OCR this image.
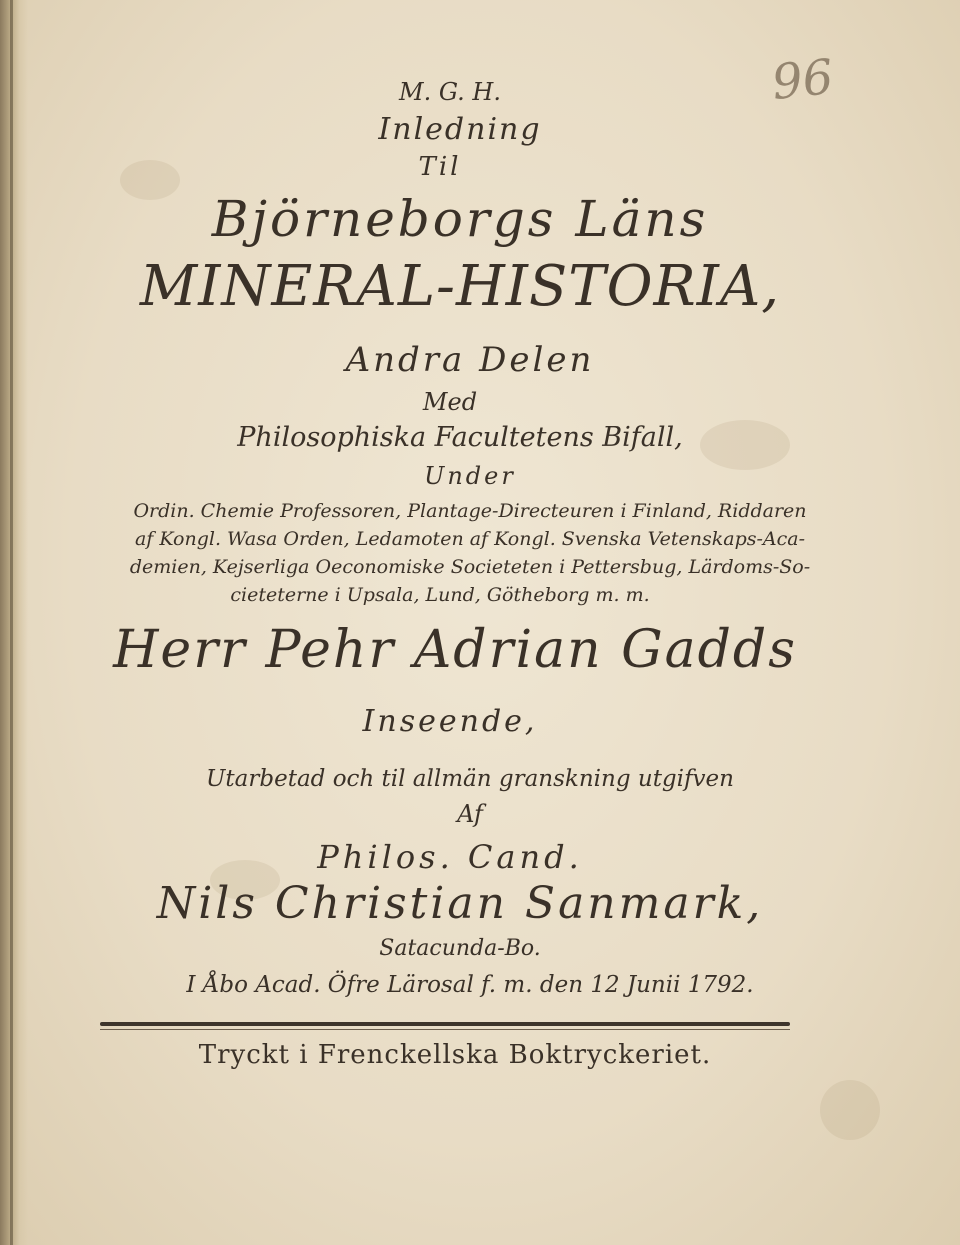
96
M. G. H.
Inledning
Til
Björneborgs Läns
MINERAL-HISTORIA,
Andra Delen
Med
Philosophiska Facultetens Bifall,
Under
Ordin. Chemie Professoren, Plantage-Directeuren i Finland, Riddaren
af Kongl. Wasa Orden, Ledamoten af Kongl. Svenska Vetenskaps-Aca-
demien, Kejserliga Oeconomiske Societeten i Pettersbug, Lärdoms-So-
cieteterne i Upsala, Lund, Götheborg m. m.
Herr Pehr Adrian Gadds
Inseende,
Utarbetad och til allmän granskning utgifven
Af
Philos. Cand.
Nils Christian Sanmark,
Satacunda-Bo.
I Åbo Acad. Öfre Lärosal f. m. den 12 Junii 1792.
Tryckt i Frenckellska Boktryckeriet.
